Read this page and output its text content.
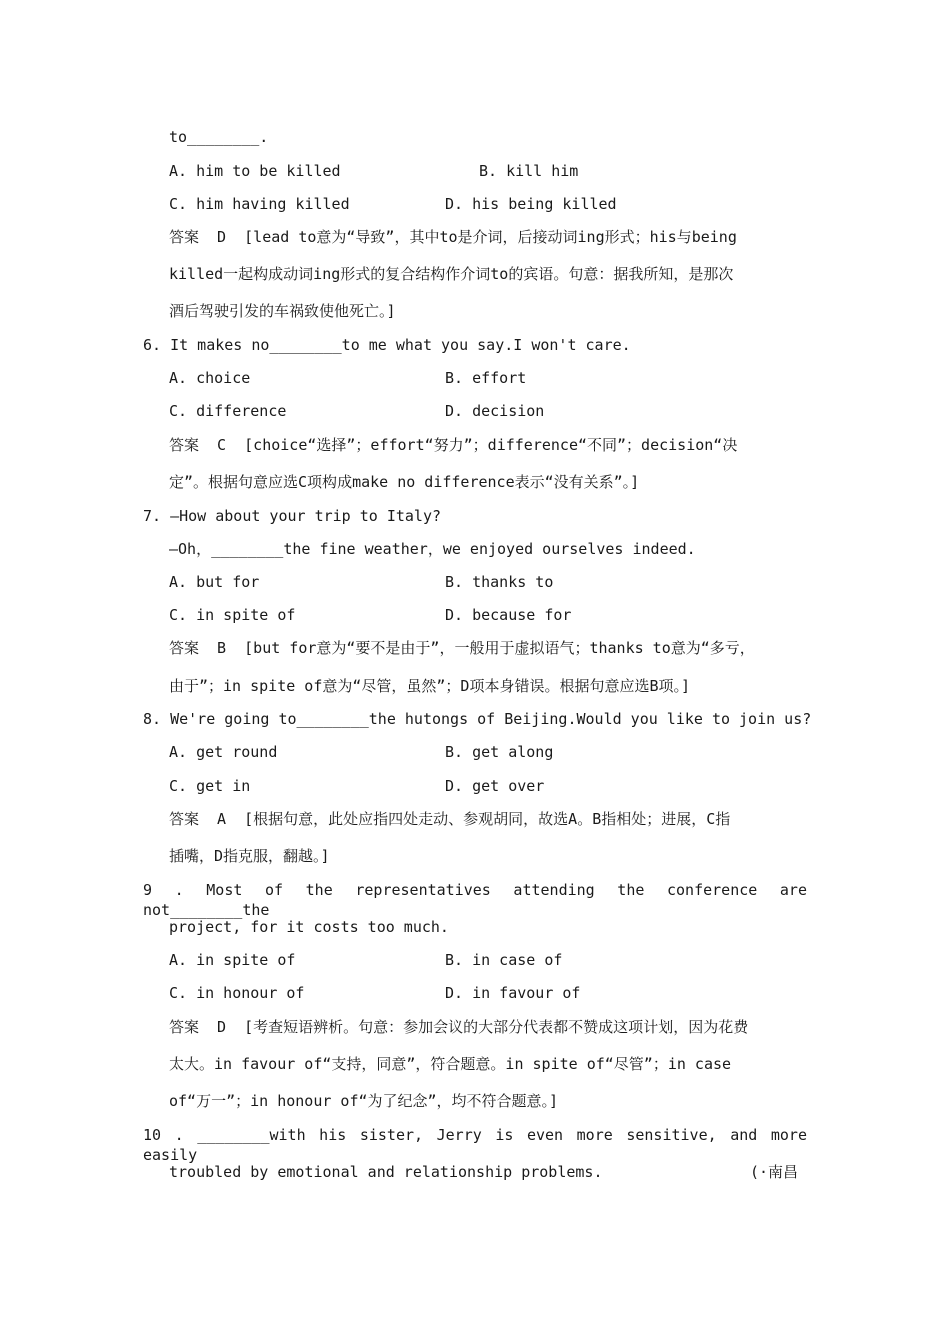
to________.
A. him to be killed	B. kill him
C. him having killed	D. his being killed
答案  D  [lead to意为“导致”，其中to是介词，后接动词ing形式；his与being
killed一起构成动词ing形式的复合结构作介词to的宾语。句意：据我所知，是那次
酒后驾驶引发的车祸致使他死亡。]
6. It makes no________to me what you say.I won't care.
A. choice	B. effort
C. difference	D. decision
答案  C  [choice“选择”；effort“努力”；difference“不同”；decision“决
定”。根据句意应选C项构成make no difference表示“没有关系”。]
7. —How about your trip to Italy?
—Oh，________the fine weather，we enjoyed ourselves indeed.
A. but for	B. thanks to
C. in spite of	D. because for
答案  B  [but for意为“要不是由于”，一般用于虚拟语气；thanks to意为“多亏，
由于”；in spite of意为“尽管，虽然”；D项本身错误。根据句意应选B项。]
8. We're going to________the hutongs of Beijing.Would you like to join us?
A. get round	B. get along
C. get in	D. get over
答案  A  [根据句意，此处应指四处走动、参观胡同，故选A。B指相处；进展，C指
插嘴，D指克服，翻越。]
9 . Most of the representatives attending the conference are not________the
project, for it costs too much.
A. in spite of	B. in case of
C. in honour of	D. in favour of
答案  D  [考查短语辨析。句意：参加会议的大部分代表都不赞成这项计划，因为花费
太大。in favour of“支持，同意”，符合题意。in spite of“尽管”；in case
of“万一”；in honour of“为了纪念”，均不符合题意。]
10 . ________with his sister, Jerry is even more sensitive, and more easily
troubled by emotional and relationship problems.	(·南昌
